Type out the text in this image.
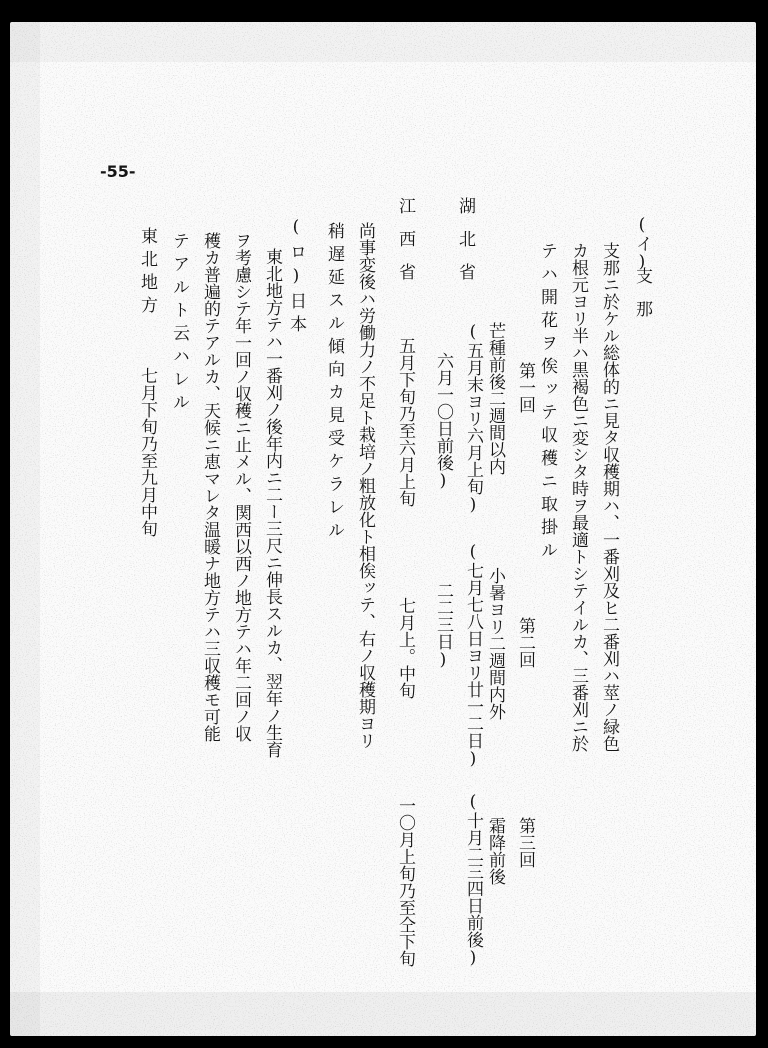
-55-
(イ)
支那
支那ニ於ケル総体的ニ見タ収穫期ハ、一番刈及ヒ二番刈ハ莖ノ緑色
カ根元ヨリ半ハ黒褐色ニ変シタ時ヲ最適トシテイルカ、三番刈ニ於
テハ開花ヲ俟ッテ収穫ニ取掛ル
第一回
第二回
第三回
湖北省
芒種前後二週間以内
小暑ヨリ二週間内外
霜降前後
(五月末ヨリ六月上旬)
(七月七八日ヨリ廿一二日)
(十月二三四日前後)
六月一〇日前後)
二二三日)
江西省
五月下旬乃至六月上旬
七月上。中旬
一〇月上旬乃至仝下旬
尚事変後ハ労働力ノ不足ト栽培ノ粗放化ト相俟ッテ、右ノ収穫期ヨリ
稍遅延スル傾向カ見受ケラレル
(ロ)日本
東北地方テハ一番刈ノ後年内ニ二ー三尺ニ伸長スルカ、翌年ノ生育
ヲ考慮シテ年一回ノ収穫ニ止メル、関西以西ノ地方テハ年二回ノ収
穫カ普遍的テアルカ、天候ニ恵マレタ温暖ナ地方テハ三収穫モ可能
テアルト云ハレル
東北地方
七月下旬乃至九月中旬
